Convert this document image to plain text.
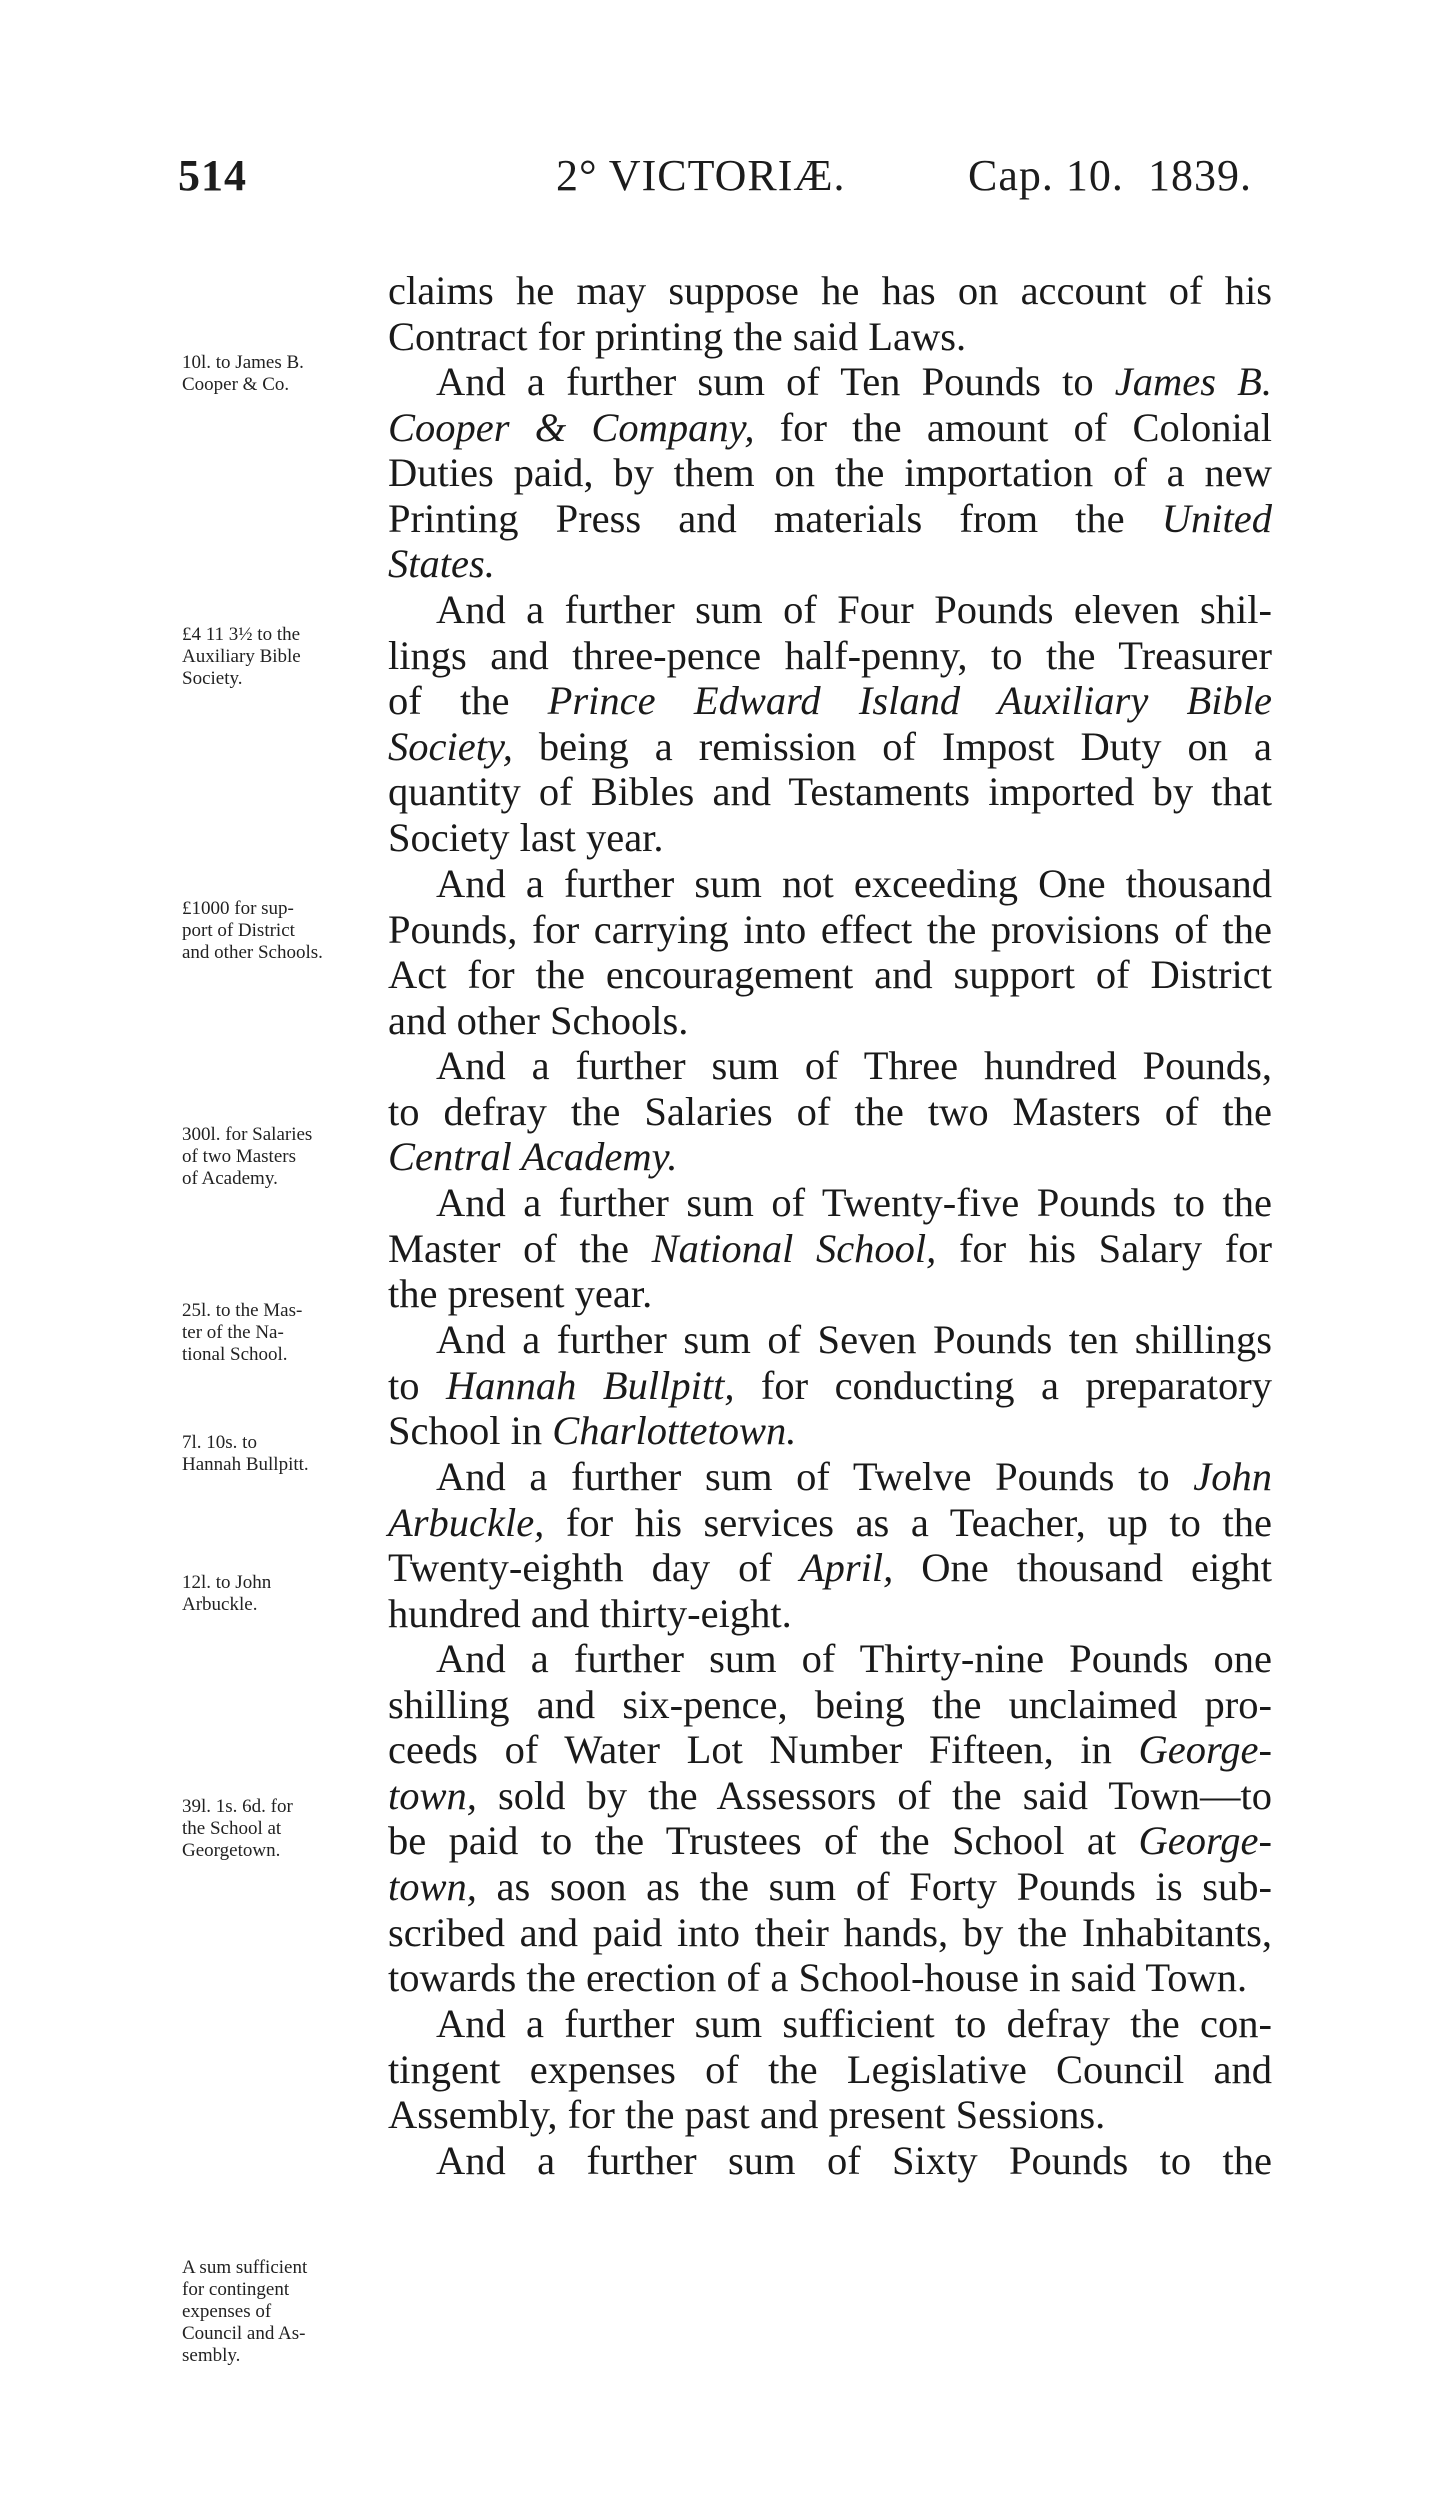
514	2° VICTORIÆ.	Cap. 10. 1839.
10l. to James B.
Cooper & Co.
£4 11 3½ to the
Auxiliary Bible
Society.
£1000 for sup-
port of District
and other Schools.
300l. for Salaries
of two Masters
of Academy.
25l. to the Mas-
ter of the Na-
tional School.
7l. 10s. to
Hannah Bullpitt.
12l. to John
Arbuckle.
39l. 1s. 6d. for
the School at
Georgetown.
A sum sufficient
for contingent
expenses of
Council and As-
sembly.
claims he may suppose he has on account of his
Contract for printing the said Laws.
And a further sum of Ten Pounds to James B.
Cooper & Company, for the amount of Colonial
Duties paid, by them on the importation of a new
Printing Press and materials from the United
States.
And a further sum of Four Pounds eleven shil-
lings and three-pence half-penny, to the Treasurer
of the Prince Edward Island Auxiliary Bible
Society, being a remission of Impost Duty on a
quantity of Bibles and Testaments imported by that
Society last year.
And a further sum not exceeding One thousand
Pounds, for carrying into effect the provisions of the
Act for the encouragement and support of District
and other Schools.
And a further sum of Three hundred Pounds,
to defray the Salaries of the two Masters of the
Central Academy.
And a further sum of Twenty-five Pounds to the
Master of the National School, for his Salary for
the present year.
And a further sum of Seven Pounds ten shillings
to Hannah Bullpitt, for conducting a preparatory
School in Charlottetown.
And a further sum of Twelve Pounds to John
Arbuckle, for his services as a Teacher, up to the
Twenty-eighth day of April, One thousand eight
hundred and thirty-eight.
And a further sum of Thirty-nine Pounds one
shilling and six-pence, being the unclaimed pro-
ceeds of Water Lot Number Fifteen, in George-
town, sold by the Assessors of the said Town—to
be paid to the Trustees of the School at George-
town, as soon as the sum of Forty Pounds is sub-
scribed and paid into their hands, by the Inhabitants,
towards the erection of a School-house in said Town.
And a further sum sufficient to defray the con-
tingent expenses of the Legislative Council and
Assembly, for the past and present Sessions.
And a further sum of Sixty Pounds to the
